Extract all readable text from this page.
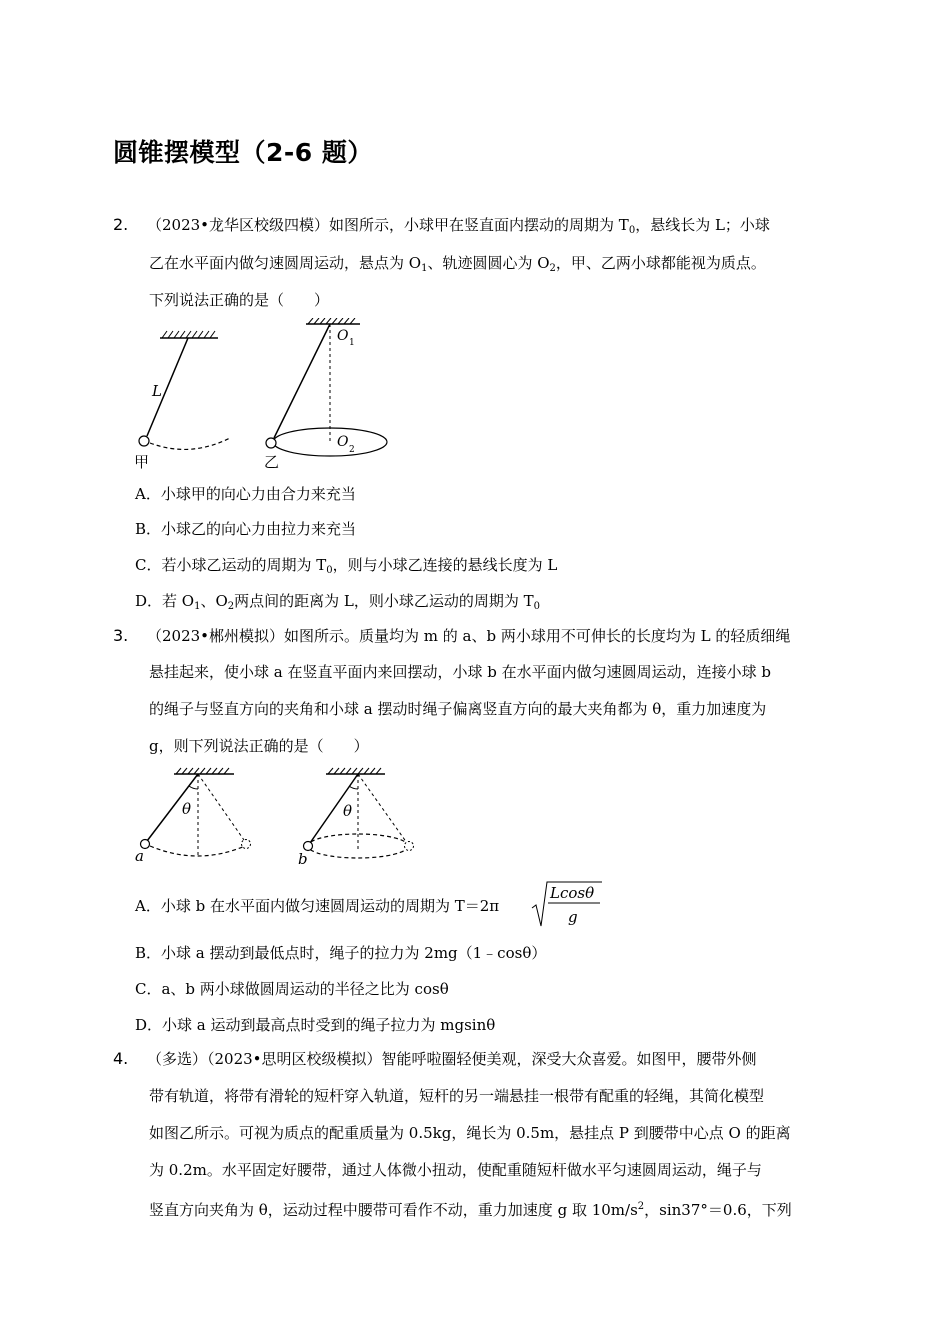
圆锥摆模型（2-6 题）
2. （2023•龙华区校级四模）如图所示，小球甲在竖直面内摆动的周期为 $T_0$，悬线长为 L；小球
乙在水平面内做匀速圆周运动，悬点为 $O_1$、轨迹圆圆心为 $O_2$，甲、乙两小球都能视为质点。
下列说法正确的是（　　）
L
甲
O 1
O 2
乙
A．小球甲的向心力由合力来充当
B．小球乙的向心力由拉力来充当
C．若小球乙运动的周期为 $T_0$，则与小球乙连接的悬线长度为 L
D．若 $O_1$、$O_2$两点间的距离为 L，则小球乙运动的周期为 $T_0$
3. （2023•郴州模拟）如图所示。质量均为 m 的 a、b 两小球用不可伸长的长度均为 L 的轻质细绳
悬挂起来，使小球 a 在竖直平面内来回摆动，小球 b 在水平面内做匀速圆周运动，连接小球 b
的绳子与竖直方向的夹角和小球 a 摆动时绳子偏离竖直方向的最大夹角都为 θ，重力加速度为
g，则下列说法正确的是（　　）
θ
a
θ
b
A．小球 b 在水平面内做匀速圆周运动的周期为 T＝2π
Lcosθ
g
B．小球 a 摆动到最低点时，绳子的拉力为 2mg（1﹣cosθ）
C．a、b 两小球做圆周运动的半径之比为 cosθ
D．小球 a 运动到最高点时受到的绳子拉力为 mgsinθ
4. （多选）（2023•思明区校级模拟）智能呼啦圈轻便美观，深受大众喜爱。如图甲，腰带外侧
带有轨道，将带有滑轮的短杆穿入轨道，短杆的另一端悬挂一根带有配重的轻绳，其简化模型
如图乙所示。可视为质点的配重质量为 0.5kg，绳长为 0.5m，悬挂点 P 到腰带中心点 O 的距离
为 0.2m。水平固定好腰带，通过人体微小扭动，使配重随短杆做水平匀速圆周运动，绳子与
竖直方向夹角为 θ，运动过程中腰带可看作不动，重力加速度 g 取 $10m/s^2$，sin37°＝0.6，下列
